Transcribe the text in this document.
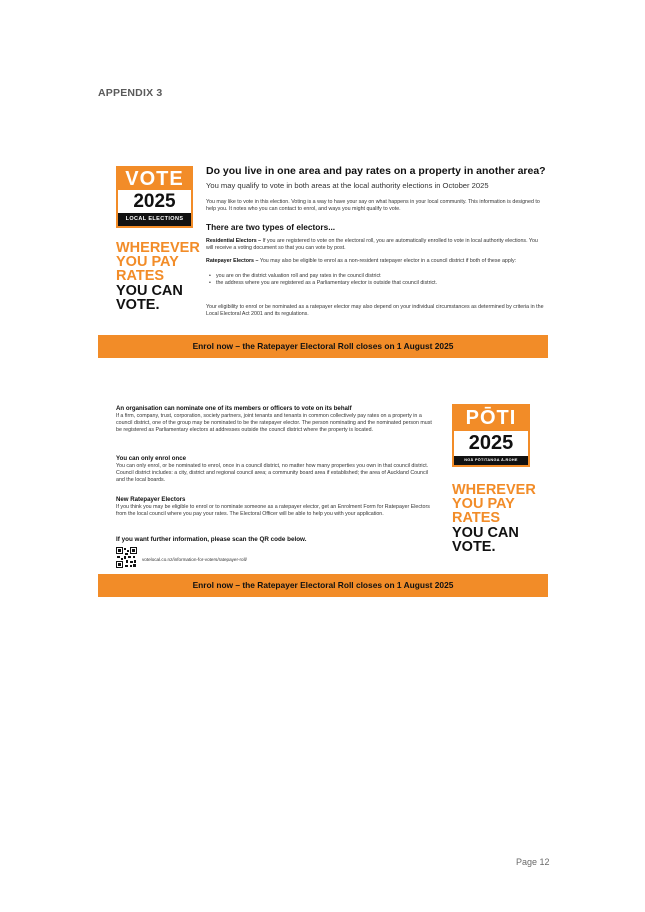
APPENDIX 3
VOTE
2025
LOCAL ELECTIONS
WHEREVER
YOU PAY
RATES
YOU CAN
VOTE.
Do you live in one area and pay rates on a property in another area?
You may qualify to vote in both areas at the local authority elections in October 2025
You may like to vote in this election. Voting is a way to have your say on what happens in your local community. This information is designed to help you. It notes who you can contact to enrol, and ways you might qualify to vote.
There are two types of electors...
Residential Electors – If you are registered to vote on the electoral roll, you are automatically enrolled to vote in local authority elections. You will receive a voting document so that you can vote by post.
Ratepayer Electors – You may also be eligible to enrol as a non-resident ratepayer elector in a council district if both of these apply:
• you are on the district valuation roll and pay rates in the council district
• the address where you are registered as a Parliamentary elector is outside that council district.
Your eligibility to enrol or be nominated as a ratepayer elector may also depend on your individual circumstances as determined by criteria in the Local Electoral Act 2001 and its regulations.
Enrol now – the Ratepayer Electoral Roll closes on 1 August 2025
An organisation can nominate one of its members or officers to vote on its behalf
If a firm, company, trust, corporation, society partners, joint tenants and tenants in common collectively pay rates on a property in a council district, one of the group may be nominated to be the ratepayer elector. The person nominating and the nominated person must be registered as Parliamentary electors at addresses outside the council district where the property is located.
You can only enrol once
You can only enrol, or be nominated to enrol, once in a council district, no matter how many properties you own in that council district. Council district includes: a city, district and regional council area; a community board area if established; the area of Auckland Council and the local boards.
New Ratepayer Electors
If you think you may be eligible to enrol or to nominate someone as a ratepayer elector, get an Enrolment Form for Ratepayer Electors from the local council where you pay your rates. The Electoral Officer will be able to help you with your application.
If you want further information, please scan the QR code below.
votelocal.co.nz/information-for-voters/ratepayer-roll/
PŌTI
2025
NGĀ PŌTITANGA Ā-ROHE
WHEREVER
YOU PAY
RATES
YOU CAN
VOTE.
Enrol now – the Ratepayer Electoral Roll closes on 1 August 2025
Page 12
